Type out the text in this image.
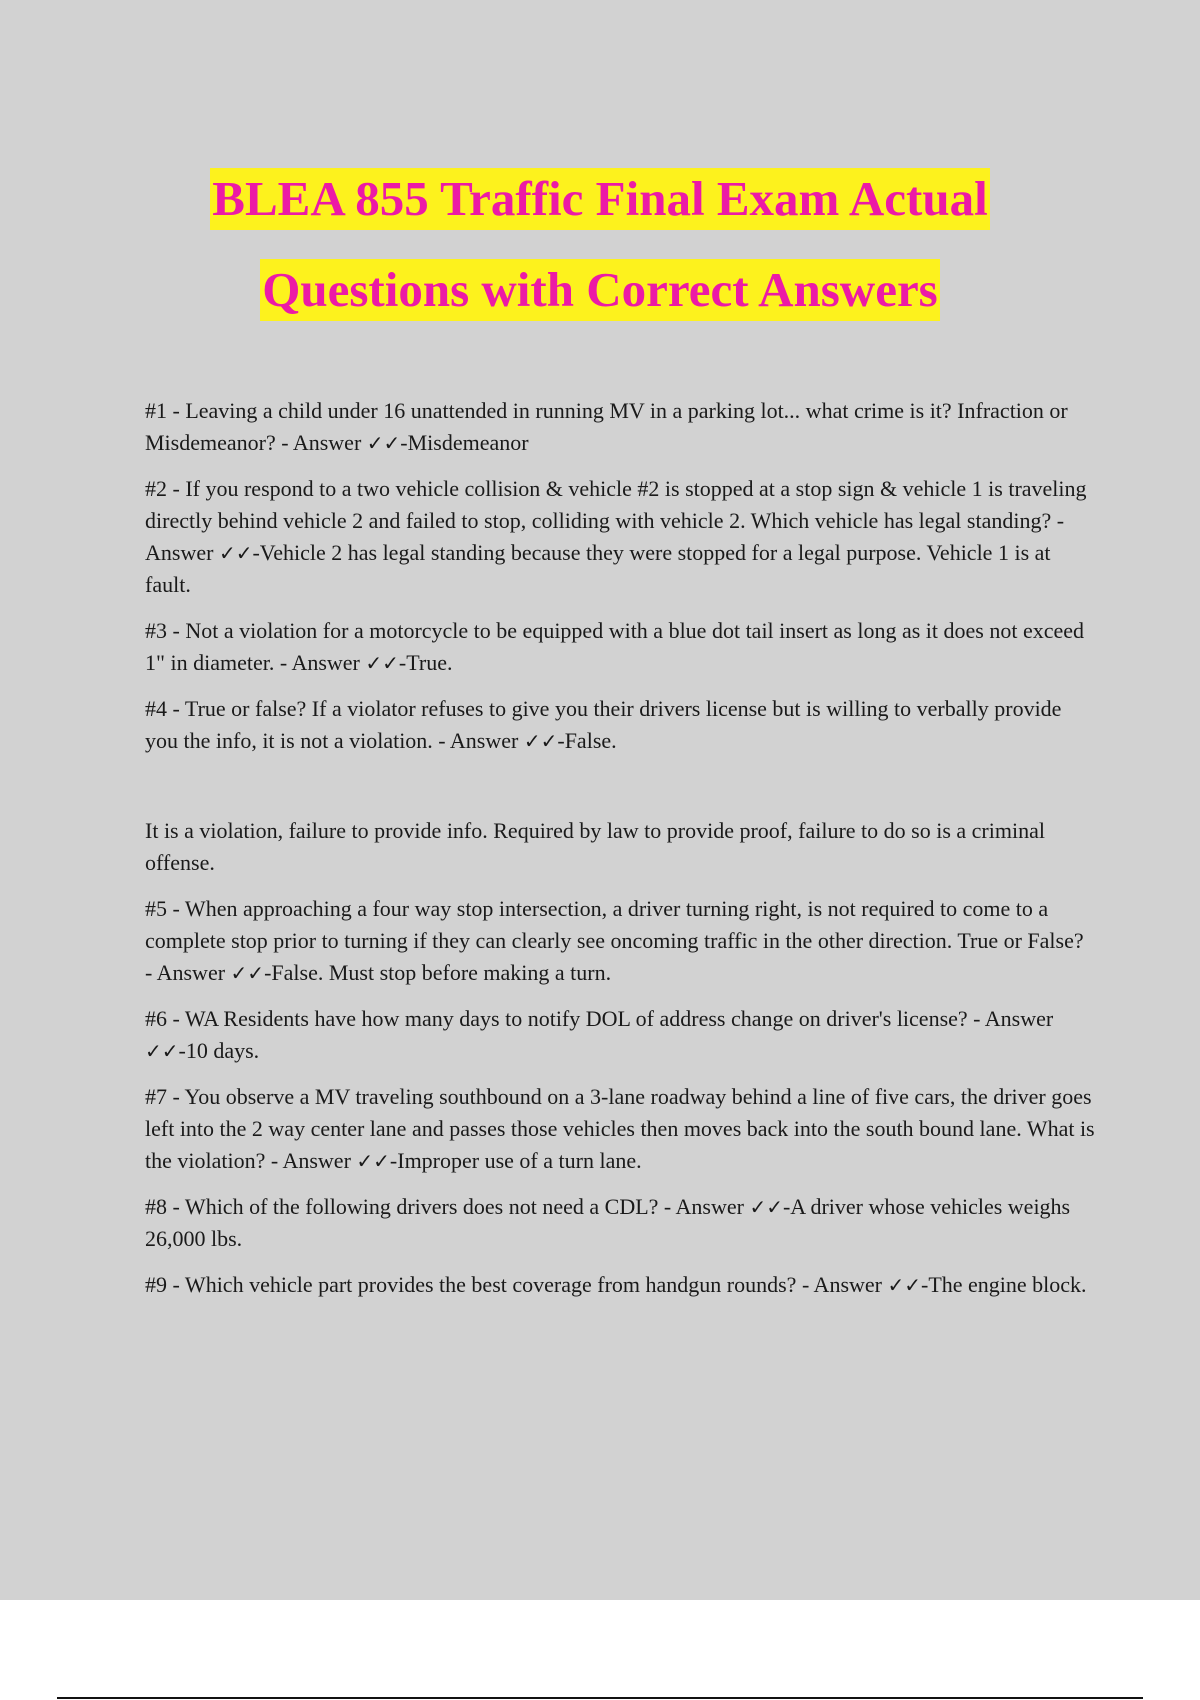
BLEA 855 Traffic Final Exam Actual
Questions with Correct Answers

#1 - Leaving a child under 16 unattended in running MV in a parking lot... what crime is it? Infraction or Misdemeanor? - Answer ✓✓-Misdemeanor

#2 - If you respond to a two vehicle collision & vehicle #2 is stopped at a stop sign & vehicle 1 is traveling directly behind vehicle 2 and failed to stop, colliding with vehicle 2. Which vehicle has legal standing? - Answer ✓✓-Vehicle 2 has legal standing because they were stopped for a legal purpose. Vehicle 1 is at fault.

#3 - Not a violation for a motorcycle to be equipped with a blue dot tail insert as long as it does not exceed 1" in diameter. - Answer ✓✓-True.

#4 - True or false? If a violator refuses to give you their drivers license but is willing to verbally provide you the info, it is not a violation. - Answer ✓✓-False.

It is a violation, failure to provide info. Required by law to provide proof, failure to do so is a criminal offense.

#5 - When approaching a four way stop intersection, a driver turning right, is not required to come to a complete stop prior to turning if they can clearly see oncoming traffic in the other direction. True or False? - Answer ✓✓-False. Must stop before making a turn.

#6 - WA Residents have how many days to notify DOL of address change on driver's license? - Answer ✓✓-10 days.

#7 - You observe a MV traveling southbound on a 3-lane roadway behind a line of five cars, the driver goes left into the 2 way center lane and passes those vehicles then moves back into the south bound lane. What is the violation? - Answer ✓✓-Improper use of a turn lane.

#8 - Which of the following drivers does not need a CDL? - Answer ✓✓-A driver whose vehicles weighs 26,000 lbs.

#9 - Which vehicle part provides the best coverage from handgun rounds? - Answer ✓✓-The engine block.
